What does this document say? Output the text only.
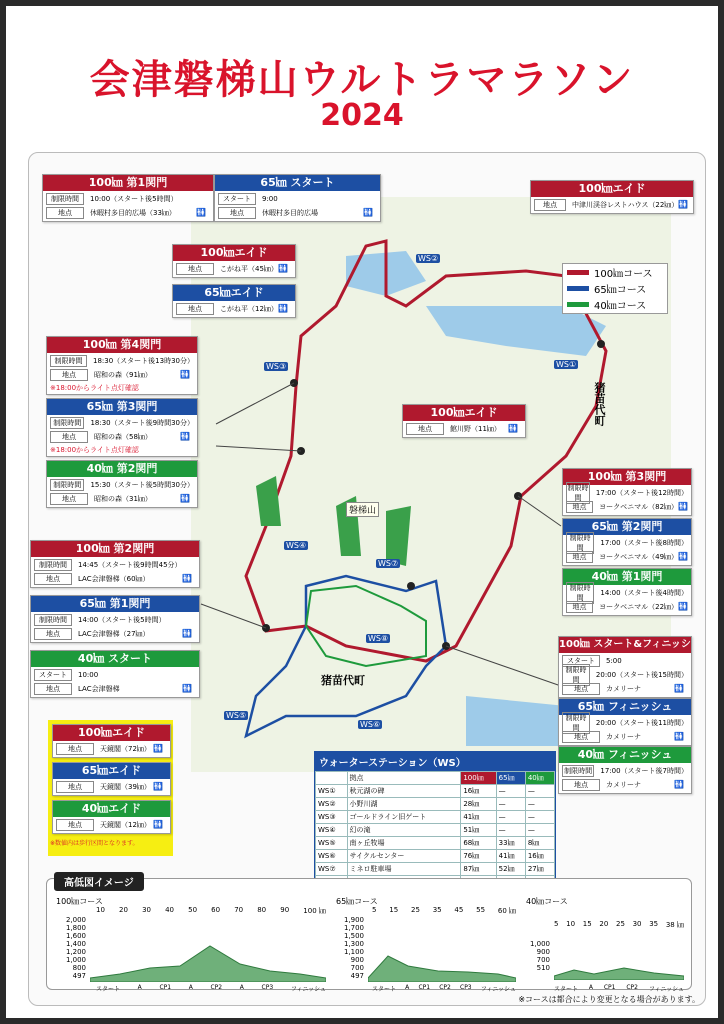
会津磐梯山ウルトラマラソン
2024
磐梯山
猪苗代町
猪苗代町
WS②
WS①
WS③
WS④
WS⑤
WS⑥
WS⑦
WS⑧
100㎞ 第1関門
制限時間	10:00（スタート後5時間）
地点	休暇村多目的広場（33㎞）	🚻
65㎞ スタート
スタート	9:00
地点	休暇村多目的広場	🚻
100㎞エイド
地点	中津川渓谷レストハウス（22㎞） 🚻
100㎞エイド
地点	こがね平（45㎞） 🚻
65㎞エイド
地点	こがね平（12㎞） 🚻
100㎞ 第4関門
制限時間	18:30（スタート後13時30分）
地点	昭和の森（91㎞）	🚻
※18:00からライト点灯確認
65㎞ 第3関門
制限時間	18:30（スタート後9時間30分）
地点	昭和の森（58㎞）	🚻
※18:00からライト点灯確認
40㎞ 第2関門
制限時間	15:30（スタート後5時間30分）
地点	昭和の森（31㎞）	🚻
100㎞エイド
地点	館川野（11㎞） 🚻
100㎞ 第3関門
制限時間
17:00（スタート後12時間）
地点	ヨークベニマル（82㎞） 🚻
65㎞ 第2関門
制限時間
17:00（スタート後8時間）
地点	ヨークベニマル（49㎞） 🚻
40㎞ 第1関門
制限時間
14:00（スタート後4時間）
地点	ヨークベニマル（22㎞） 🚻
100㎞ 第2関門
制限時間	14:45（スタート後9時間45分）
地点	LAC会津磐梯（60㎞）	🚻
65㎞ 第1関門
制限時間	14:00（スタート後5時間）
地点	LAC会津磐梯（27㎞）	🚻
40㎞ スタート
スタート	10:00
地点	LAC会津磐梯	🚻
100㎞ スタート&フィニッシュ
スタート	5:00
制限時間
20:00（スタート後15時間）
地点	カメリーナ	🚻
65㎞ フィニッシュ
制限時間
20:00（スタート後11時間）
地点	カメリーナ	🚻
40㎞ フィニッシュ
制限時間	17:00（スタート後7時間）
地点	カメリーナ	🚻
100㎞エイド
地点	天鏡閣（72㎞） 🚻
65㎞エイド
地点	天鏡閣（39㎞） 🚻
40㎞エイド
地点	天鏡閣（12㎞） 🚻
※数値内は歩行区間となります。
100㎞コース
65㎞コース
40㎞コース
ウォーターステーション（WS）
	拠点	100㎞	65㎞	40㎞
WS①	秋元湖の碑	16㎞	—	—
WS②	小野川湖	28㎞	—	—
WS③	ゴールドライン旧ゲート	41㎞	—	—
WS④	幻の滝	51㎞	—	—
WS⑤	南ヶ丘牧場	68㎞	33㎞	8㎞
WS⑥	サイクルセンター	76㎞	41㎞	16㎞
WS⑦	ミネロ駐車場	87㎞	52㎞	27㎞

高低図イメージ
100㎞コース
10 20 30 40 50 60 70 80 90 100 ㎞
2,000
1,800
1,600
1,400
1,200
1,000
800
497
スタート	A	CP1	A	CP2	A	CP3	フィニッシュ
65㎞コース
5 15 25 35 45 55 60 ㎞
1,900
1,700
1,500
1,300
1,100
900
700
497
スタート A CP1 CP2 CP3 フィニッシュ
40㎞コース
5 10 15 20 25 30 35 38 ㎞
1,000
900
700
510
スタート A CP1 CP2 フィニッシュ
※コースは都合により変更となる場合があります。
